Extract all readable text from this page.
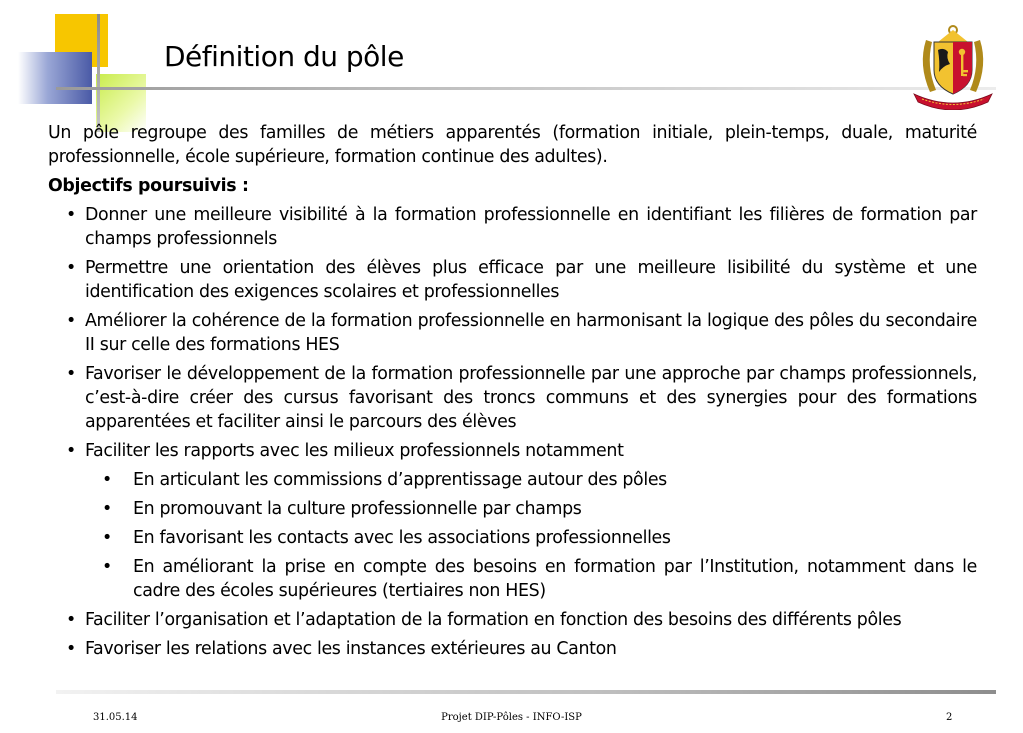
Définition du pôle

Un pôle regroupe des familles de métiers apparentés (formation initiale, plein-temps, duale, maturité professionnelle, école supérieure, formation continue des adultes).

Objectifs poursuivis :

• Donner une meilleure visibilité à la formation professionnelle en identifiant les filières de formation par champs professionnels
• Permettre une orientation des élèves plus efficace par une meilleure lisibilité du système et une identification des exigences scolaires et professionnelles
• Améliorer la cohérence de la formation professionnelle en harmonisant la logique des pôles du secondaire II sur celle des formations HES
• Favoriser le développement de la formation professionnelle par une approche par champs professionnels, c’est-à-dire créer des cursus favorisant des troncs communs et des synergies pour des formations apparentées et faciliter ainsi le parcours des élèves
• Faciliter les rapports avec les milieux professionnels notamment
• En articulant les commissions d’apprentissage autour des pôles
• En promouvant la culture professionnelle par champs
• En favorisant les contacts avec les associations professionnelles
• En améliorant la prise en compte des besoins en formation par l’Institution, notamment dans le cadre des écoles supérieures (tertiaires non HES)
• Faciliter l’organisation et l’adaptation de la formation en fonction des besoins des différents pôles
• Favoriser les relations avec les instances extérieures au Canton
31.05.14	Projet DIP-Pôles - INFO-ISP	2
